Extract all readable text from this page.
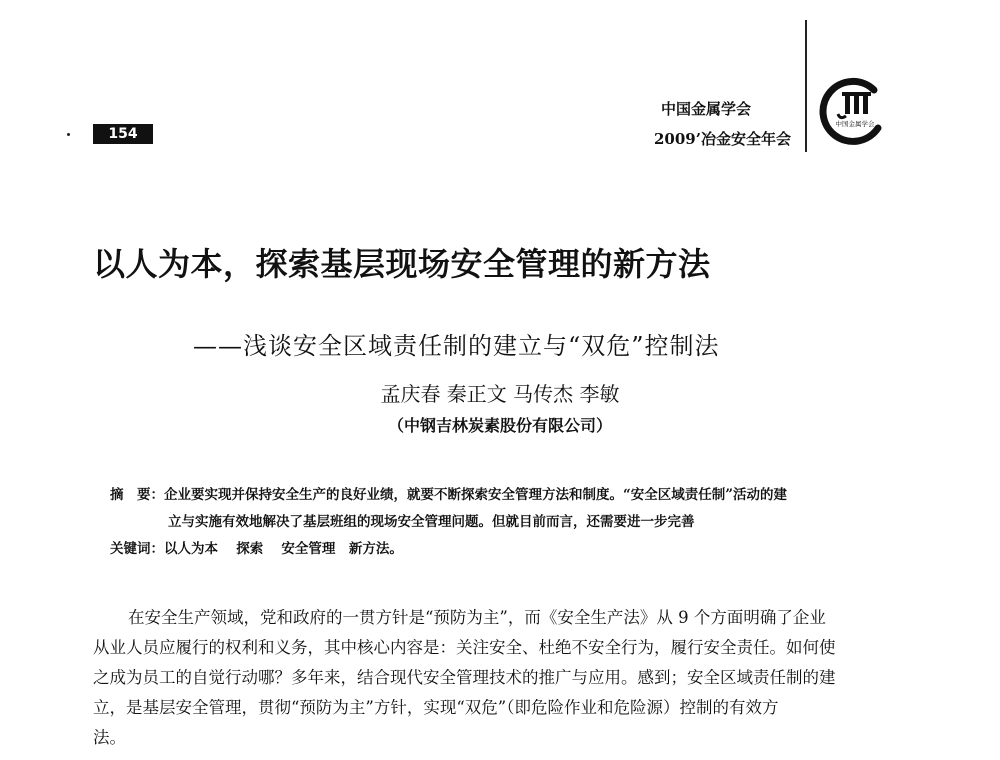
154
中国金属学会
2009’冶金安全年会
中国金属学会
以人为本，探索基层现场安全管理的新方法
——浅谈安全区域责任制的建立与“双危”控制法
孟庆春 秦正文 马传杰 李敏
（中钢吉林炭素股份有限公司）
摘　要：企业要实现并保持安全生产的良好业绩，就要不断探索安全管理方法和制度。“安全区域责任制”活动的建
立与实施有效地解决了基层班组的现场安全管理问题。但就目前而言，还需要进一步完善
关键词：以人为本　 探索　 安全管理　新方法。
在安全生产领域，党和政府的一贯方针是“预防为主”，而《安全生产法》从 9 个方面明确了企业
从业人员应履行的权利和义务，其中核心内容是：关注安全、杜绝不安全行为，履行安全责任。如何使
之成为员工的自觉行动哪？多年来，结合现代安全管理技术的推广与应用。感到；安全区域责任制的建
立，是基层安全管理，贯彻“预防为主”方针，实现“双危”（即危险作业和危险源）控制的有效方
法。
